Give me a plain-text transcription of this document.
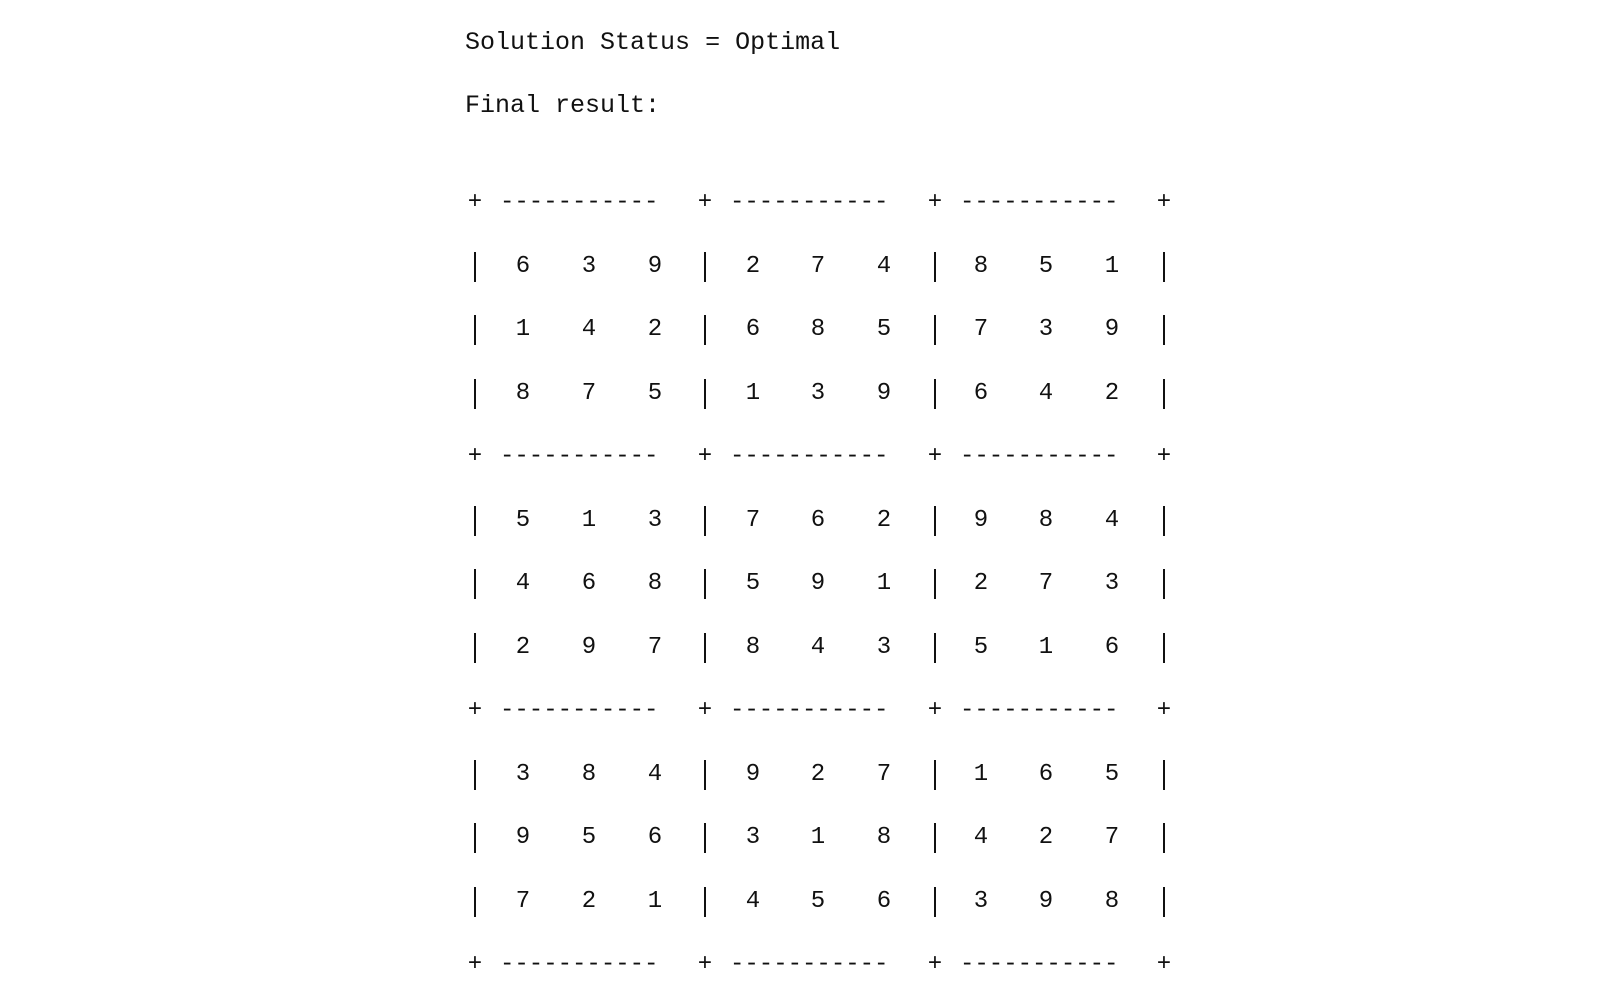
Solution Status = Optimal
Final result:
+	+	+	+
-----------	-----------	-----------
6 3 9	2 7 4	8 5 1
1 4 2	6 8 5	7 3 9
8 7 5	1 3 9	6 4 2
+	+	+	+
-----------	-----------	-----------
5 1 3	7 6 2	9 8 4
4 6 8	5 9 1	2 7 3
2 9 7	8 4 3	5 1 6
+	+	+	+
-----------	-----------	-----------
3 8 4	9 2 7	1 6 5
9 5 6	3 1 8	4 2 7
7 2 1	4 5 6	3 9 8
+	+	+	+
-----------	-----------	-----------
